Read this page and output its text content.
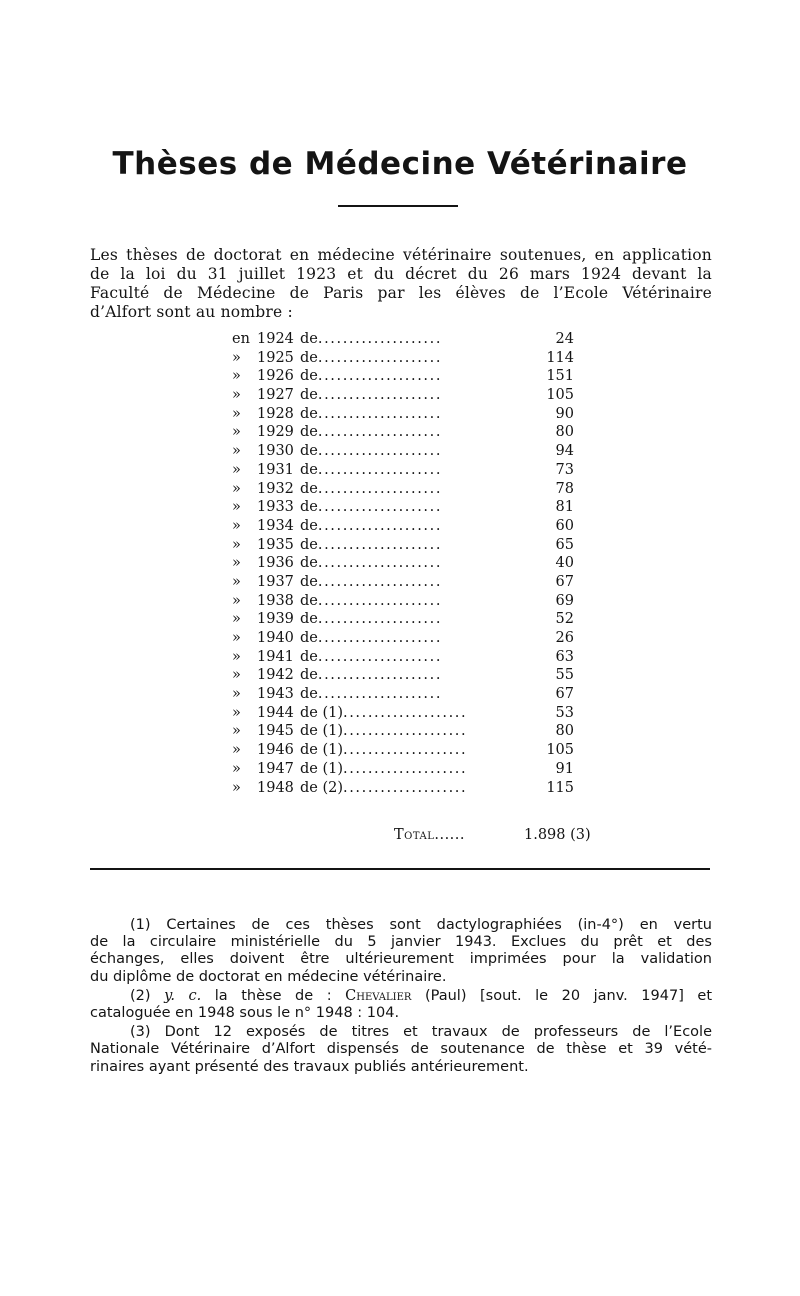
Thèses de Médecine Vétérinaire

Les thèses de doctorat en médecine vétérinaire soutenues, en application
de la loi du 31 juillet 1923 et du décret du 26 mars 1924 devant la
Faculté de Médecine de Paris par les élèves de l’Ecole Vétérinaire
d’Alfort sont au nombre :

en 1924 de....................	24
»	1925 de....................	114
»	1926 de....................	151
»	1927 de....................	105
»	1928 de....................	90
»	1929 de....................	80
»	1930 de....................	94
»	1931 de....................	73
»	1932 de....................	78
»	1933 de....................	81
»	1934 de....................	60
»	1935 de....................	65
»	1936 de....................	40
»	1937 de....................	67
»	1938 de....................	69
»	1939 de....................	52
»	1940 de....................	26
»	1941 de....................	63
»	1942 de....................	55
»	1943 de....................	67
»	1944 de (1)....................	53
»	1945 de (1)....................	80
»	1946 de (1)....................	105
»	1947 de (1)....................	91
»	1948 de (2)....................	115
Total......	1.898 (3)

(1) Certaines de ces thèses sont dactylographiées (in-4°) en vertu
de la circulaire ministérielle du 5 janvier 1943. Exclues du prêt et des
échanges, elles doivent être ultérieurement imprimées pour la validation
du diplôme de doctorat en médecine vétérinaire.

(2) y. c. la thèse de : Chevalier (Paul) [sout. le 20 janv. 1947] et
cataloguée en 1948 sous le n° 1948 : 104.

(3) Dont 12 exposés de titres et travaux de professeurs de l’Ecole
Nationale Vétérinaire d’Alfort dispensés de soutenance de thèse et 39 vété-
rinaires ayant présenté des travaux publiés antérieurement.
